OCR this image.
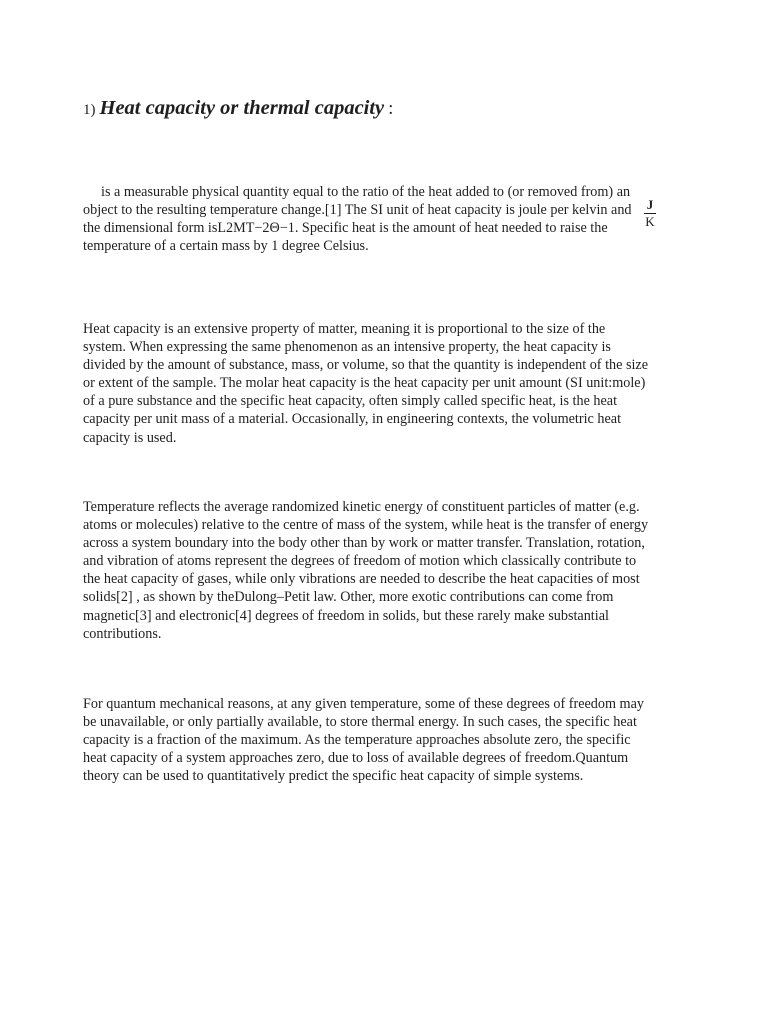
1) Heat capacity or thermal capacity :

is a measurable physical quantity equal to the ratio of the heat added to (or removed from) an
object to the resulting temperature change.[1] The SI unit of heat capacity is joule per kelvin and
the dimensional form isL2MT−2Θ−1. Specific heat is the amount of heat needed to raise the
temperature of a certain mass by 1 degree Celsius.

$\frac{J}{K}$

Heat capacity is an extensive property of matter, meaning it is proportional to the size of the
system. When expressing the same phenomenon as an intensive property, the heat capacity is
divided by the amount of substance, mass, or volume, so that the quantity is independent of the size
or extent of the sample. The molar heat capacity is the heat capacity per unit amount (SI unit:mole)
of a pure substance and the specific heat capacity, often simply called specific heat, is the heat
capacity per unit mass of a material. Occasionally, in engineering contexts, the volumetric heat
capacity is used.

Temperature reflects the average randomized kinetic energy of constituent particles of matter (e.g.
atoms or molecules) relative to the centre of mass of the system, while heat is the transfer of energy
across a system boundary into the body other than by work or matter transfer. Translation, rotation,
and vibration of atoms represent the degrees of freedom of motion which classically contribute to
the heat capacity of gases, while only vibrations are needed to describe the heat capacities of most
solids[2] , as shown by theDulong–Petit law. Other, more exotic contributions can come from
magnetic[3] and electronic[4] degrees of freedom in solids, but these rarely make substantial
contributions.

For quantum mechanical reasons, at any given temperature, some of these degrees of freedom may
be unavailable, or only partially available, to store thermal energy. In such cases, the specific heat
capacity is a fraction of the maximum. As the temperature approaches absolute zero, the specific
heat capacity of a system approaches zero, due to loss of available degrees of freedom.Quantum
theory can be used to quantitatively predict the specific heat capacity of simple systems.
